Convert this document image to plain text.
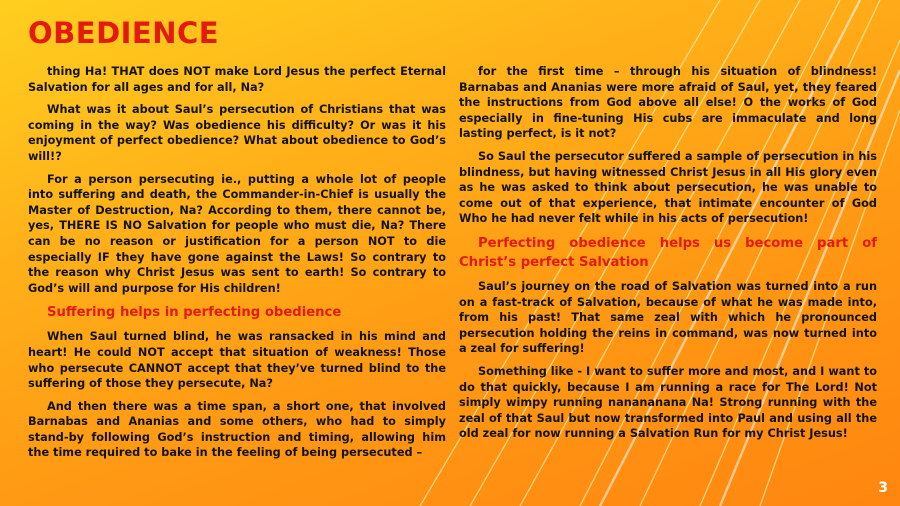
OBEDIENCE

thing Ha! THAT does NOT make Lord Jesus the perfect Eternal Salvation for all ages and for all, Na?

What was it about Saul’s persecution of Christians that was coming in the way? Was obedience his difficulty? Or was it his enjoyment of perfect obedience? What about obedience to God’s will!?

For a person persecuting ie., putting a whole lot of people into suffering and death, the Commander-in-Chief is usually the Master of Destruction, Na? According to them, there cannot be, yes, THERE IS NO Salvation for people who must die, Na? There can be no reason or justification for a person NOT to die especially IF they have gone against the Laws! So contrary to the reason why Christ Jesus was sent to earth! So contrary to God’s will and purpose for His children!

Suffering helps in perfecting obedience

When Saul turned blind, he was ransacked in his mind and heart! He could NOT accept that situation of weakness! Those who persecute CANNOT accept that they’ve turned blind to the suffering of those they persecute, Na?

And then there was a time span, a short one, that involved Barnabas and Ananias and some others, who had to simply stand-by following God’s instruction and timing, allowing him the time required to bake in the feeling of being persecuted –

for the first time – through his situation of blindness! Barnabas and Ananias were more afraid of Saul, yet, they feared the instructions from God above all else! O the works of God especially in fine-tuning His cubs are immaculate and long lasting perfect, is it not?

So Saul the persecutor suffered a sample of persecution in his blindness, but having witnessed Christ Jesus in all His glory even as he was asked to think about persecution, he was unable to come out of that experience, that intimate encounter of God Who he had never felt while in his acts of persecution!

Perfecting obedience helps us become part of Christ’s perfect Salvation

Saul’s journey on the road of Salvation was turned into a run on a fast-track of Salvation, because of what he was made into, from his past! That same zeal with which he pronounced persecution holding the reins in command, was now turned into a zeal for suffering!

Something like - I want to suffer more and most, and I want to do that quickly, because I am running a race for The Lord! Not simply wimpy running nanananana Na! Strong running with the zeal of that Saul but now transformed into Paul and using all the old zeal for now running a Salvation Run for my Christ Jesus!

3
